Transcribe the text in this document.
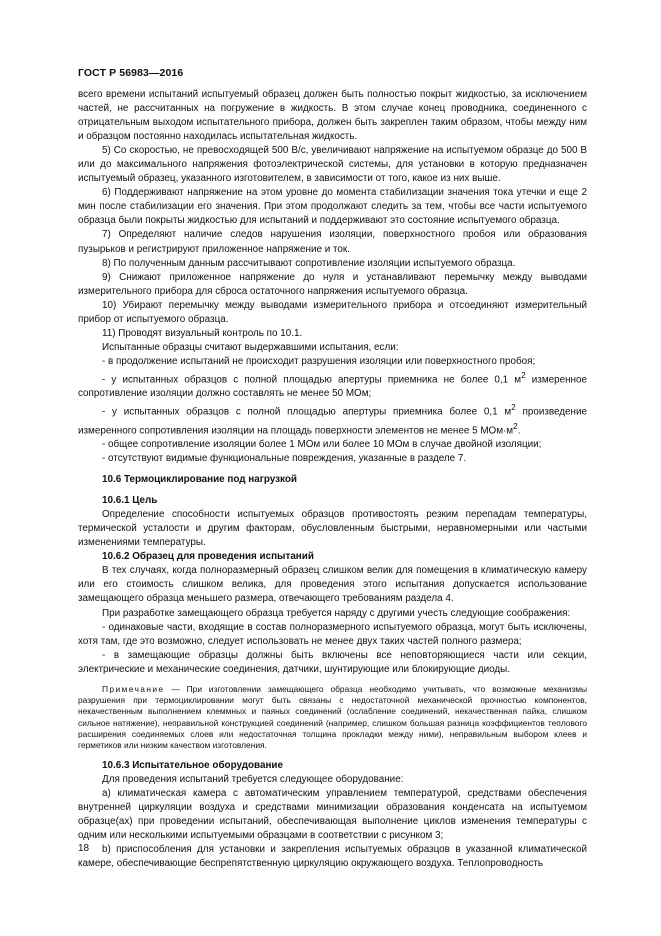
ГОСТ Р 56983—2016

всего времени испытаний испытуемый образец должен быть полностью покрыт жидкостью, за исключением частей, не рассчитанных на погружение в жидкость. В этом случае конец проводника, соединенного с отрицательным выходом испытательного прибора, должен быть закреплен таким образом, чтобы между ним и образцом постоянно находилась испытательная жидкость.

5) Со скоростью, не превосходящей 500 В/с, увеличивают напряжение на испытуемом образце до 500 В или до максимального напряжения фотоэлектрической системы, для установки в которую предназначен испытуемый образец, указанного изготовителем, в зависимости от того, какое из них выше.

6) Поддерживают напряжение на этом уровне до момента стабилизации значения тока утечки и еще 2 мин после стабилизации его значения. При этом продолжают следить за тем, чтобы все части испытуемого образца были покрыты жидкостью для испытаний и поддерживают это состояние испытуемого образца.

7) Определяют наличие следов нарушения изоляции, поверхностного пробоя или образования пузырьков и регистрируют приложенное напряжение и ток.

8) По полученным данным рассчитывают сопротивление изоляции испытуемого образца.

9) Снижают приложенное напряжение до нуля и устанавливают перемычку между выводами измерительного прибора для сброса остаточного напряжения испытуемого образца.

10) Убирают перемычку между выводами измерительного прибора и отсоединяют измерительный прибор от испытуемого образца.

11) Проводят визуальный контроль по 10.1.

Испытанные образцы считают выдержавшими испытания, если:

- в продолжение испытаний не происходит разрушения изоляции или поверхностного пробоя;

- у испытанных образцов с полной площадью апертуры приемника не более 0,1 $м^2$ измеренное сопротивление изоляции должно составлять не менее 50 МОм;

- у испытанных образцов с полной площадью апертуры приемника более 0,1 $м^2$ произведение измеренного сопротивления изоляции на площадь поверхности элементов не менее 5 $МОм\cdot м^2$.

- общее сопротивление изоляции более 1 МОм или более 10 МОм в случае двойной изоляции;

- отсутствуют видимые функциональные повреждения, указанные в разделе 7.

10.6 Термоциклирование под нагрузкой

10.6.1 Цель

Определение способности испытуемых образцов противостоять резким перепадам температуры, термической усталости и другим факторам, обусловленным быстрыми, неравномерными или частыми изменениями температуры.

10.6.2 Образец для проведения испытаний

В тех случаях, когда полноразмерный образец слишком велик для помещения в климатическую камеру или его стоимость слишком велика, для проведения этого испытания допускается использование замещающего образца меньшего размера, отвечающего требованиям раздела 4.

При разработке замещающего образца требуется наряду с другими учесть следующие соображения:

- одинаковые части, входящие в состав полноразмерного испытуемого образца, могут быть исключены, хотя там, где это возможно, следует использовать не менее двух таких частей полного размера;

- в замещающие образцы должны быть включены все неповторяющиеся части или секции, электрические и механические соединения, датчики, шунтирующие или блокирующие диоды.

Примечание — При изготовлении замещающего образца необходимо учитывать, что возможные механизмы разрушения при термоциклировании могут быть связаны с недостаточной механической прочностью компонентов, некачественным выполнением клеммных и паяных соединений (ослабление соединений, некачественная пайка, слишком сильное натяжение), неправильной конструкцией соединений (например, слишком большая разница коэффициентов теплового расширения соединяемых слоев или недостаточная толщина прокладки между ними), неправильным выбором клеев и герметиков или низким качеством изготовления.

10.6.3 Испытательное оборудование

Для проведения испытаний требуется следующее оборудование:

а) климатическая камера с автоматическим управлением температурой, средствами обеспечения внутренней циркуляции воздуха и средствами минимизации образования конденсата на испытуемом образце(ах) при проведении испытаний, обеспечивающая выполнение циклов изменения температуры с одним или несколькими испытуемыми образцами в соответствии с рисунком 3;

b) приспособления для установки и закрепления испытуемых образцов в указанной климатической камере, обеспечивающие беспрепятственную циркуляцию окружающего воздуха. Теплопроводность

18
